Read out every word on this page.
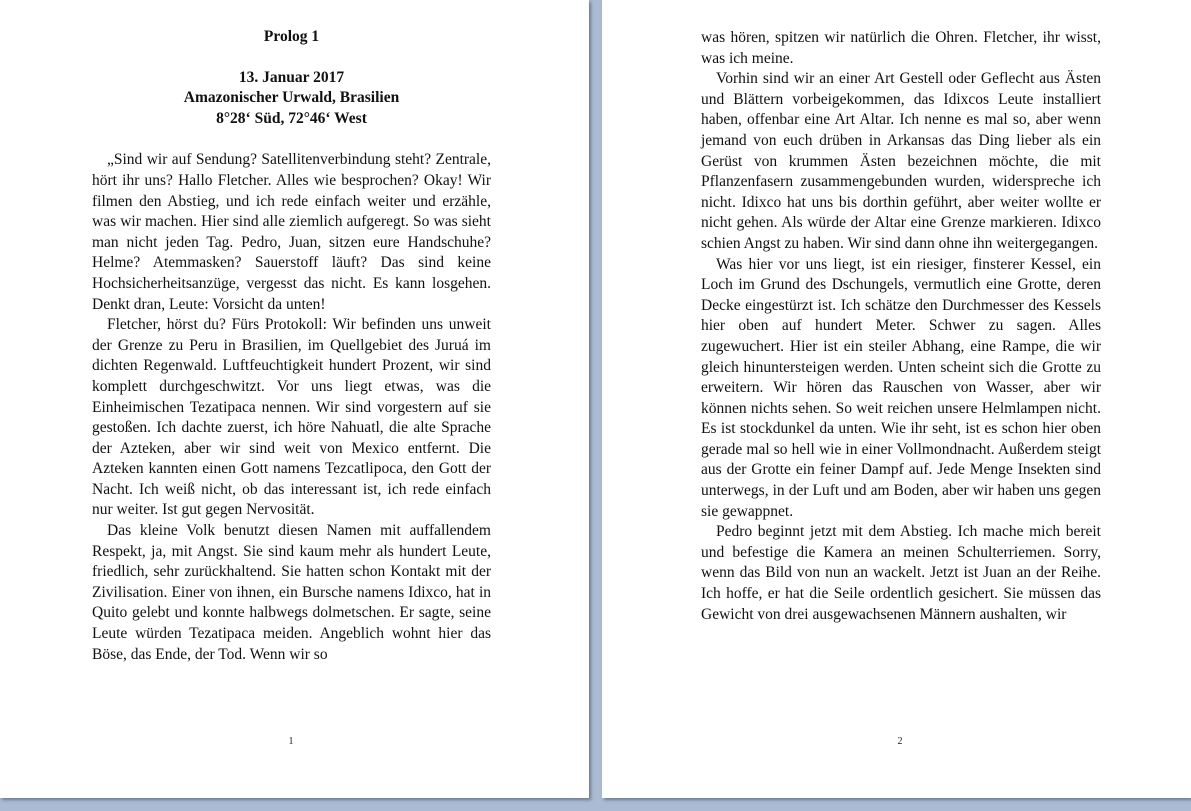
Prolog 1
13. Januar 2017
Amazonischer Urwald, Brasilien
8°28‘ Süd, 72°46‘ West

„Sind wir auf Sendung? Satellitenverbindung steht? Zentrale, hört ihr uns? Hallo Fletcher. Alles wie besprochen? Okay! Wir filmen den Abstieg, und ich rede einfach weiter und erzähle, was wir machen. Hier sind alle ziemlich aufgeregt. So was sieht man nicht jeden Tag. Pedro, Juan, sitzen eure Handschuhe? Helme? Atemmasken? Sauerstoff läuft? Das sind keine Hochsicherheitsanzüge, vergesst das nicht. Es kann losgehen. Denkt dran, Leute: Vorsicht da unten!

Fletcher, hörst du? Fürs Protokoll: Wir befinden uns unweit der Grenze zu Peru in Brasilien, im Quellgebiet des Juruá im dichten Regenwald. Luftfeuchtigkeit hundert Prozent, wir sind komplett durchgeschwitzt. Vor uns liegt etwas, was die Einheimischen Tezatipaca nennen. Wir sind vorgestern auf sie gestoßen. Ich dachte zuerst, ich höre Nahuatl, die alte Sprache der Azteken, aber wir sind weit von Mexico entfernt. Die Azteken kannten einen Gott namens Tezcatlipoca, den Gott der Nacht. Ich weiß nicht, ob das interessant ist, ich rede einfach nur weiter. Ist gut gegen Nervosität.

Das kleine Volk benutzt diesen Namen mit auffallendem Respekt, ja, mit Angst. Sie sind kaum mehr als hundert Leute, friedlich, sehr zurückhaltend. Sie hatten schon Kontakt mit der Zivilisation. Einer von ihnen, ein Bursche namens Idixco, hat in Quito gelebt und konnte halbwegs dolmetschen. Er sagte, seine Leute würden Tezatipaca meiden. Angeblich wohnt hier das Böse, das Ende, der Tod. Wenn wir so

1

was hören, spitzen wir natürlich die Ohren. Fletcher, ihr wisst, was ich meine.

Vorhin sind wir an einer Art Gestell oder Geflecht aus Ästen und Blättern vorbeigekommen, das Idixcos Leute installiert haben, offenbar eine Art Altar. Ich nenne es mal so, aber wenn jemand von euch drüben in Arkansas das Ding lieber als ein Gerüst von krummen Ästen bezeichnen möchte, die mit Pflanzenfasern zusammengebunden wurden, widerspreche ich nicht. Idixco hat uns bis dorthin geführt, aber weiter wollte er nicht gehen. Als würde der Altar eine Grenze markieren. Idixco schien Angst zu haben. Wir sind dann ohne ihn weitergegangen.

Was hier vor uns liegt, ist ein riesiger, finsterer Kessel, ein Loch im Grund des Dschungels, vermutlich eine Grotte, deren Decke eingestürzt ist. Ich schätze den Durchmesser des Kessels hier oben auf hundert Meter. Schwer zu sagen. Alles zugewuchert. Hier ist ein steiler Abhang, eine Rampe, die wir gleich hinuntersteigen werden. Unten scheint sich die Grotte zu erweitern. Wir hören das Rauschen von Wasser, aber wir können nichts sehen. So weit reichen unsere Helmlampen nicht. Es ist stockdunkel da unten. Wie ihr seht, ist es schon hier oben gerade mal so hell wie in einer Vollmondnacht. Außerdem steigt aus der Grotte ein feiner Dampf auf. Jede Menge Insekten sind unterwegs, in der Luft und am Boden, aber wir haben uns gegen sie gewappnet.

Pedro beginnt jetzt mit dem Abstieg. Ich mache mich bereit und befestige die Kamera an meinen Schulterriemen. Sorry, wenn das Bild von nun an wackelt. Jetzt ist Juan an der Reihe. Ich hoffe, er hat die Seile ordentlich gesichert. Sie müssen das Gewicht von drei ausgewachsenen Männern aushalten, wir

2
